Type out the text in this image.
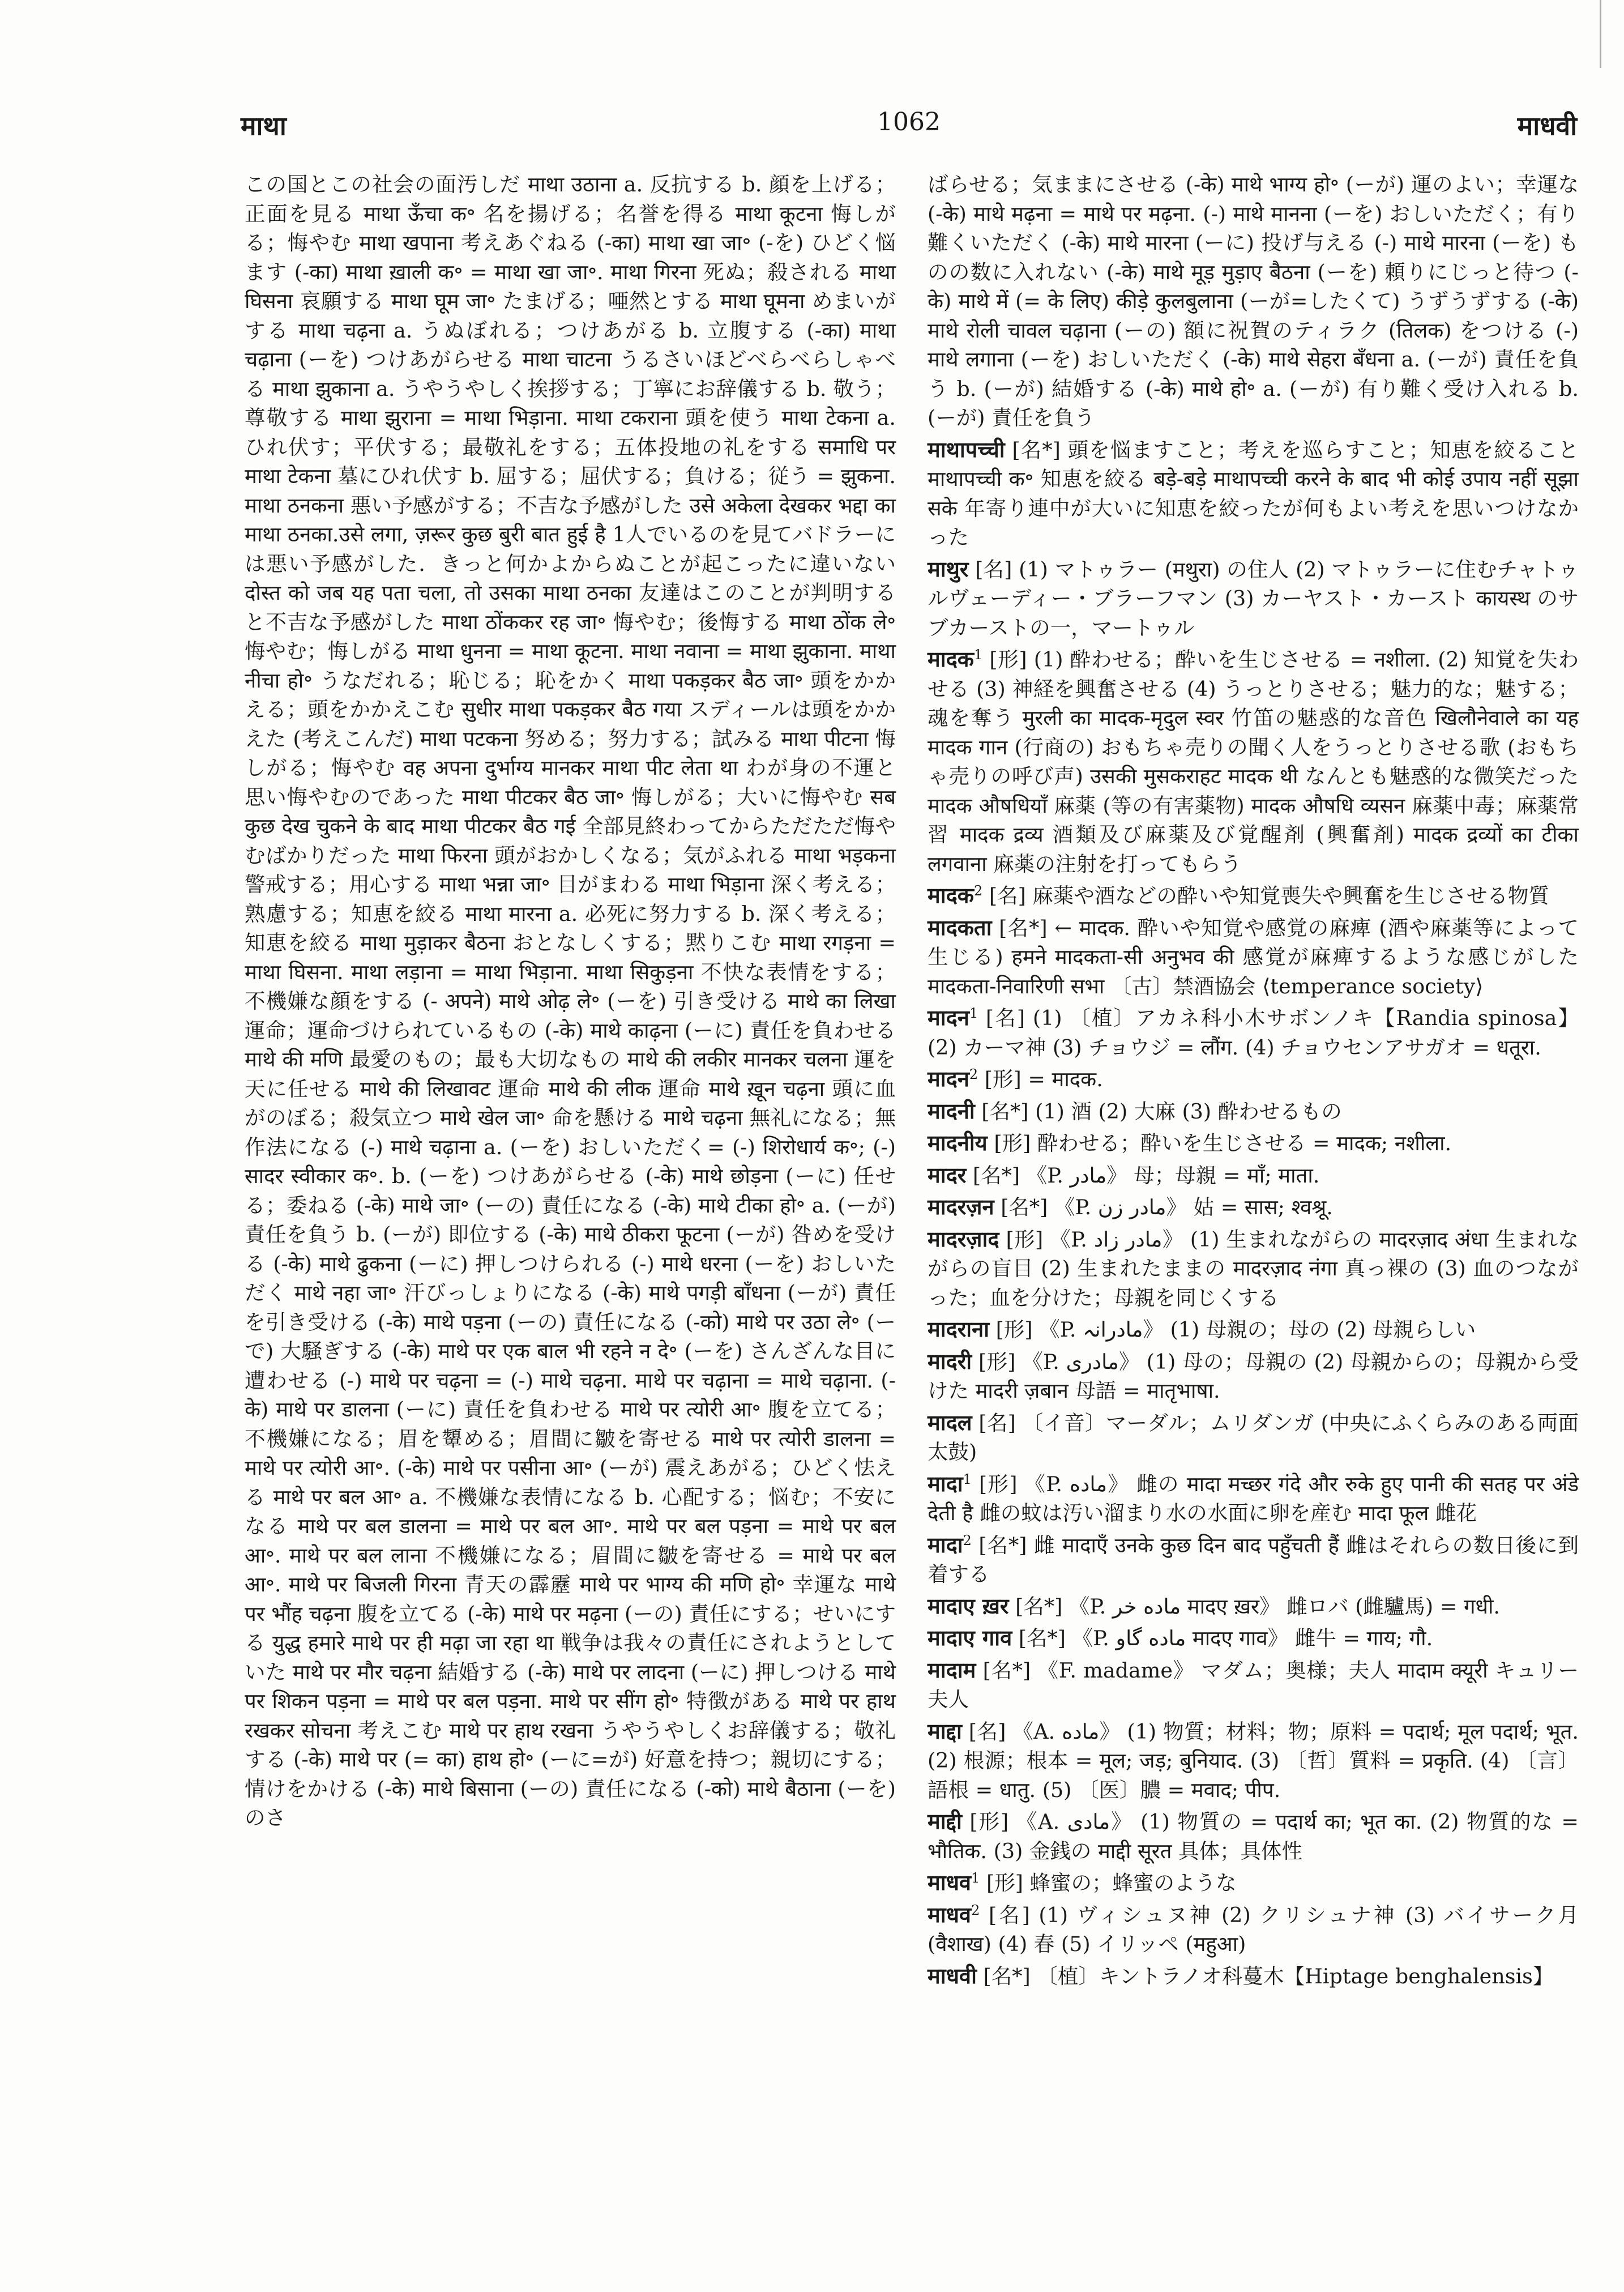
माथा	1062	माधवी

この国とこの社会の面汚しだ माथा उठाना a. 反抗する b. 顔を上げる；正面を見る माथा ऊँचा क॰ 名を揚げる；名誉を得る माथा कूटना 悔しがる；悔やむ माथा खपाना 考えあぐねる (-का) माथा खा जा॰ (-を) ひどく悩ます (-का) माथा ख़ाली क॰ = माथा खा जा॰. माथा गिरना 死ぬ；殺される माथा घिसना 哀願する माथा घूम जा॰ たまげる；唖然とする माथा घूमना めまいがする माथा चढ़ना a. うぬぼれる；つけあがる b. 立腹する (-का) माथा चढ़ाना (ーを) つけあがらせる माथा चाटना うるさいほどべらべらしゃべる माथा झुकाना a. うやうやしく挨拶する；丁寧にお辞儀する b. 敬う；尊敬する माथा झुराना = माथा भिड़ाना. माथा टकराना 頭を使う माथा टेकना a. ひれ伏す；平伏する；最敬礼をする；五体投地の礼をする समाधि पर माथा टेकना 墓にひれ伏す b. 屈する；屈伏する；負ける；従う = झुकना. माथा ठनकना 悪い予感がする；不吉な予感がした उसे अकेला देखकर भद्दा का माथा ठनका.उसे लगा, ज़रूर कुछ बुरी बात हुई है 1人でいるのを見てバドラーには悪い予感がした．きっと何かよからぬことが起こったに違いない दोस्त को जब यह पता चला, तो उसका माथा ठनका 友達はこのことが判明すると不吉な予感がした माथा ठोंककर रह जा॰ 悔やむ；後悔する माथा ठोंक ले॰ 悔やむ；悔しがる माथा धुनना = माथा कूटना. माथा नवाना = माथा झुकाना. माथा नीचा हो॰ うなだれる；恥じる；恥をかく माथा पकड़कर बैठ जा॰ 頭をかかえる；頭をかかえこむ सुधीर माथा पकड़कर बैठ गया スディールは頭をかかえた (考えこんだ) माथा पटकना 努める；努力する；試みる माथा पीटना 悔しがる；悔やむ वह अपना दुर्भाग्य मानकर माथा पीट लेता था わが身の不運と思い悔やむのであった माथा पीटकर बैठ जा॰ 悔しがる；大いに悔やむ सब कुछ देख चुकने के बाद माथा पीटकर बैठ गई 全部見終わってからただただ悔やむばかりだった माथा फिरना 頭がおかしくなる；気がふれる माथा भड़कना 警戒する；用心する माथा भन्ना जा॰ 目がまわる माथा भिड़ाना 深く考える；熟慮する；知恵を絞る माथा मारना a. 必死に努力する b. 深く考える；知恵を絞る माथा मुड़ाकर बैठना おとなしくする；黙りこむ माथा रगड़ना = माथा घिसना. माथा लड़ाना = माथा भिड़ाना. माथा सिकुड़ना 不快な表情をする；不機嫌な顔をする (- अपने) माथे ओढ़ ले॰ (ーを) 引き受ける माथे का लिखा 運命；運命づけられているもの (-के) माथे काढ़ना (ーに) 責任を負わせる माथे की मणि 最愛のもの；最も大切なもの माथे की लकीर मानकर चलना 運を天に任せる माथे की लिखावट 運命 माथे की लीक 運命 माथे ख़ून चढ़ना 頭に血がのぼる；殺気立つ माथे खेल जा॰ 命を懸ける माथे चढ़ना 無礼になる；無作法になる (-) माथे चढ़ाना a. (ーを) おしいただく= (-) शिरोधार्य क॰; (-) सादर स्वीकार क॰. b. (ーを) つけあがらせる (-के) माथे छोड़ना (ーに) 任せる；委ねる (-के) माथे जा॰ (ーの) 責任になる (-के) माथे टीका हो॰ a. (ーが) 責任を負う b. (ーが) 即位する (-के) माथे ठीकरा फूटना (ーが) 咎めを受ける (-के) माथे ढुकना (ーに) 押しつけられる (-) माथे धरना (ーを) おしいただく माथे नहा जा॰ 汗びっしょりになる (-के) माथे पगड़ी बाँधना (ーが) 責任を引き受ける (-के) माथे पड़ना (ーの) 責任になる (-को) माथे पर उठा ले॰ (ーで) 大騒ぎする (-के) माथे पर एक बाल भी रहने न दे॰ (ーを) さんざんな目に遭わせる (-) माथे पर चढ़ना = (-) माथे चढ़ना. माथे पर चढ़ाना = माथे चढ़ाना. (-के) माथे पर डालना (ーに) 責任を負わせる माथे पर त्योरी आ॰ 腹を立てる；不機嫌になる；眉を顰める；眉間に皺を寄せる माथे पर त्योरी डालना = माथे पर त्योरी आ॰. (-के) माथे पर पसीना आ॰ (ーが) 震えあがる；ひどく怯える माथे पर बल आ॰ a. 不機嫌な表情になる b. 心配する；悩む；不安になる माथे पर बल डालना = माथे पर बल आ॰. माथे पर बल पड़ना = माथे पर बल आ॰. माथे पर बल लाना 不機嫌になる；眉間に皺を寄せる = माथे पर बल आ॰. माथे पर बिजली गिरना 青天の霹靂 माथे पर भाग्य की मणि हो॰ 幸運な माथे पर भौंह चढ़ना 腹を立てる (-के) माथे पर मढ़ना (ーの) 責任にする；せいにする युद्ध हमारे माथे पर ही मढ़ा जा रहा था 戦争は我々の責任にされようとしていた माथे पर मौर चढ़ना 結婚する (-के) माथे पर लादना (ーに) 押しつける माथे पर शिकन पड़ना = माथे पर बल पड़ना. माथे पर सींग हो॰ 特徴がある माथे पर हाथ रखकर सोचना 考えこむ माथे पर हाथ रखना うやうやしくお辞儀する；敬礼する (-के) माथे पर (= का) हाथ हो॰ (ーに=が) 好意を持つ；親切にする；情けをかける (-के) माथे बिसाना (ーの) 責任になる (-को) माथे बैठाना (ーを) のさ

ばらせる；気ままにさせる (-के) माथे भाग्य हो॰ (ーが) 運のよい；幸運な (-के) माथे मढ़ना = माथे पर मढ़ना. (-) माथे मानना (ーを) おしいただく；有り難くいただく (-के) माथे मारना (ーに) 投げ与える (-) माथे मारना (ーを) ものの数に入れない (-के) माथे मूड़ मुड़ाए बैठना (ーを) 頼りにじっと待つ (-के) माथे में (= के लिए) कीड़े कुलबुलाना (ーが=したくて) うずうずする (-के) माथे रोली चावल चढ़ाना (ーの) 額に祝賀のティラク (तिलक) をつける (-) माथे लगाना (ーを) おしいただく (-के) माथे सेहरा बँधना a. (ーが) 責任を負う b. (ーが) 結婚する (-के) माथे हो॰ a. (ーが) 有り難く受け入れる b. (ーが) 責任を負う

माथापच्ची [名*] 頭を悩ますこと；考えを巡らすこと；知恵を絞ること माथापच्ची क॰ 知恵を絞る बड़े-बड़े माथापच्ची करने के बाद भी कोई उपाय नहीं सूझा सके 年寄り連中が大いに知恵を絞ったが何もよい考えを思いつけなかった

माथुर [名] (1) マトゥラー (मथुरा) の住人 (2) マトゥラーに住むチャトゥルヴェーディー・ブラーフマン (3) カーヤスト・カースト कायस्थ のサブカーストの一，マートゥル

मादक$^1$ [形] (1) 酔わせる；酔いを生じさせる = नशीला. (2) 知覚を失わせる (3) 神経を興奮させる (4) うっとりさせる；魅力的な；魅する；魂を奪う मुरली का मादक-मृदुल स्वर 竹笛の魅惑的な音色 खिलौनेवाले का यह मादक गान (行商の) おもちゃ売りの聞く人をうっとりさせる歌 (おもちゃ売りの呼び声) उसकी मुसकराहट मादक थी なんとも魅惑的な微笑だった मादक औषधियाँ 麻薬 (等の有害薬物) मादक औषधि व्यसन 麻薬中毒；麻薬常習 मादक द्रव्य 酒類及び麻薬及び覚醒剤 (興奮剤) मादक द्रव्यों का टीका लगवाना 麻薬の注射を打ってもらう

मादक$^2$ [名] 麻薬や酒などの酔いや知覚喪失や興奮を生じさせる物質

मादकता [名*] ← मादक. 酔いや知覚や感覚の麻痺 (酒や麻薬等によって生じる) हमने मादकता-सी अनुभव की 感覚が麻痺するような感じがした मादकता-निवारिणी सभा 〔古〕禁酒協会 ⟨temperance society⟩

मादन$^1$ [名] (1) 〔植〕アカネ科小木サボンノキ【Randia spinosa】 (2) カーマ神 (3) チョウジ = लौंग. (4) チョウセンアサガオ = धतूरा.

मादन$^2$ [形] = मादक.

मादनी [名*] (1) 酒 (2) 大麻 (3) 酔わせるもの

मादनीय [形] 酔わせる；酔いを生じさせる = मादक; नशीला.

मादर [名*] 《P. مادر》 母；母親 = माँ; माता.

मादरज़न [名*] 《P. مادر زن》 姑 = सास; श्वश्रू.

मादरज़ाद [形] 《P. مادر زاد》 (1) 生まれながらの मादरज़ाद अंधा 生まれながらの盲目 (2) 生まれたままの मादरज़ाद नंगा 真っ裸の (3) 血のつながった；血を分けた；母親を同じくする

मादराना [形] 《P. مادرانہ》 (1) 母親の；母の (2) 母親らしい

मादरी [形] 《P. مادری》 (1) 母の；母親の (2) 母親からの；母親から受けた मादरी ज़बान 母語 = मातृभाषा.

मादल [名] 〔イ音〕マーダル；ムリダンガ (中央にふくらみのある両面太鼓)

मादा$^1$ [形] 《P. ماده》 雌の मादा मच्छर गंदे और रुके हुए पानी की सतह पर अंडे देती है 雌の蚊は汚い溜まり水の水面に卵を産む मादा फूल 雌花

मादा$^2$ [名*] 雌 मादाएँ उनके कुछ दिन बाद पहुँचती हैं 雌はそれらの数日後に到着する

मादाए ख़र [名*] 《P. ماده خر मादए ख़र》 雌ロバ (雌驢馬) = गधी.

मादाए गाव [名*] 《P. ماده گاو मादए गाव》 雌牛 = गाय; गौ.

मादाम [名*] 《F. madame》 マダム；奥様；夫人 मादाम क्यूरी キュリー夫人

माद्दा [名] 《A. ماده》 (1) 物質；材料；物；原料 = पदार्थ; मूल पदार्थ; भूत. (2) 根源；根本 = मूल; जड़; बुनियाद. (3) 〔哲〕質料 = प्रकृति. (4) 〔言〕語根 = धातु. (5) 〔医〕膿 = मवाद; पीप.

माद्दी [形] 《A. مادی》 (1) 物質の = पदार्थ का; भूत का. (2) 物質的な = भौतिक. (3) 金銭の माद्दी सूरत 具体；具体性

माधव$^1$ [形] 蜂蜜の；蜂蜜のような

माधव$^2$ [名] (1) ヴィシュヌ神 (2) クリシュナ神 (3) バイサーク月 (वैशाख) (4) 春 (5) イリッペ (महुआ)

माधवी [名*] 〔植〕キントラノオ科蔓木【Hiptage benghalensis】
